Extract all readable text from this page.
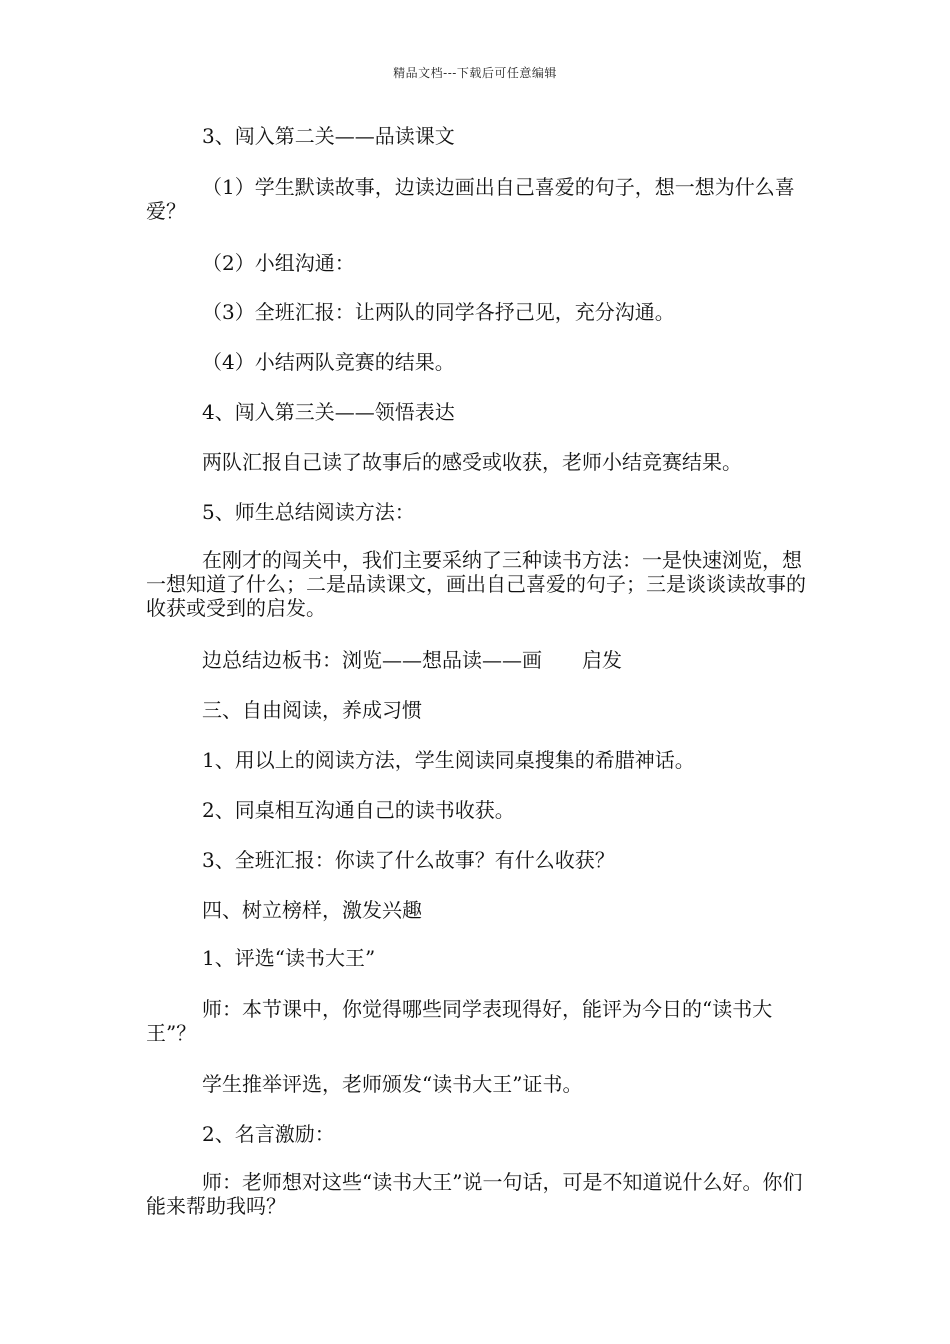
精品文档---下载后可任意编辑

3、闯入第二关——品读课文

（1）学生默读故事，边读边画出自己喜爱的句子，想一想为什么喜爱？

（2）小组沟通：

（3）全班汇报：让两队的同学各抒己见，充分沟通。

（4）小结两队竞赛的结果。

4、闯入第三关——领悟表达

两队汇报自己读了故事后的感受或收获，老师小结竞赛结果。

5、师生总结阅读方法：

在刚才的闯关中，我们主要采纳了三种读书方法：一是快速浏览，想一想知道了什么；二是品读课文，画出自己喜爱的句子；三是谈谈读故事的收获或受到的启发。

边总结边板书：浏览——想品读——画　　启发

三、自由阅读，养成习惯

1、用以上的阅读方法，学生阅读同桌搜集的希腊神话。

2、同桌相互沟通自己的读书收获。

3、全班汇报：你读了什么故事？有什么收获？

四、树立榜样，激发兴趣

1、评选“读书大王”

师：本节课中，你觉得哪些同学表现得好，能评为今日的“读书大王”？

学生推举评选，老师颁发“读书大王”证书。

2、名言激励：

师：老师想对这些“读书大王”说一句话，可是不知道说什么好。你们能来帮助我吗？
